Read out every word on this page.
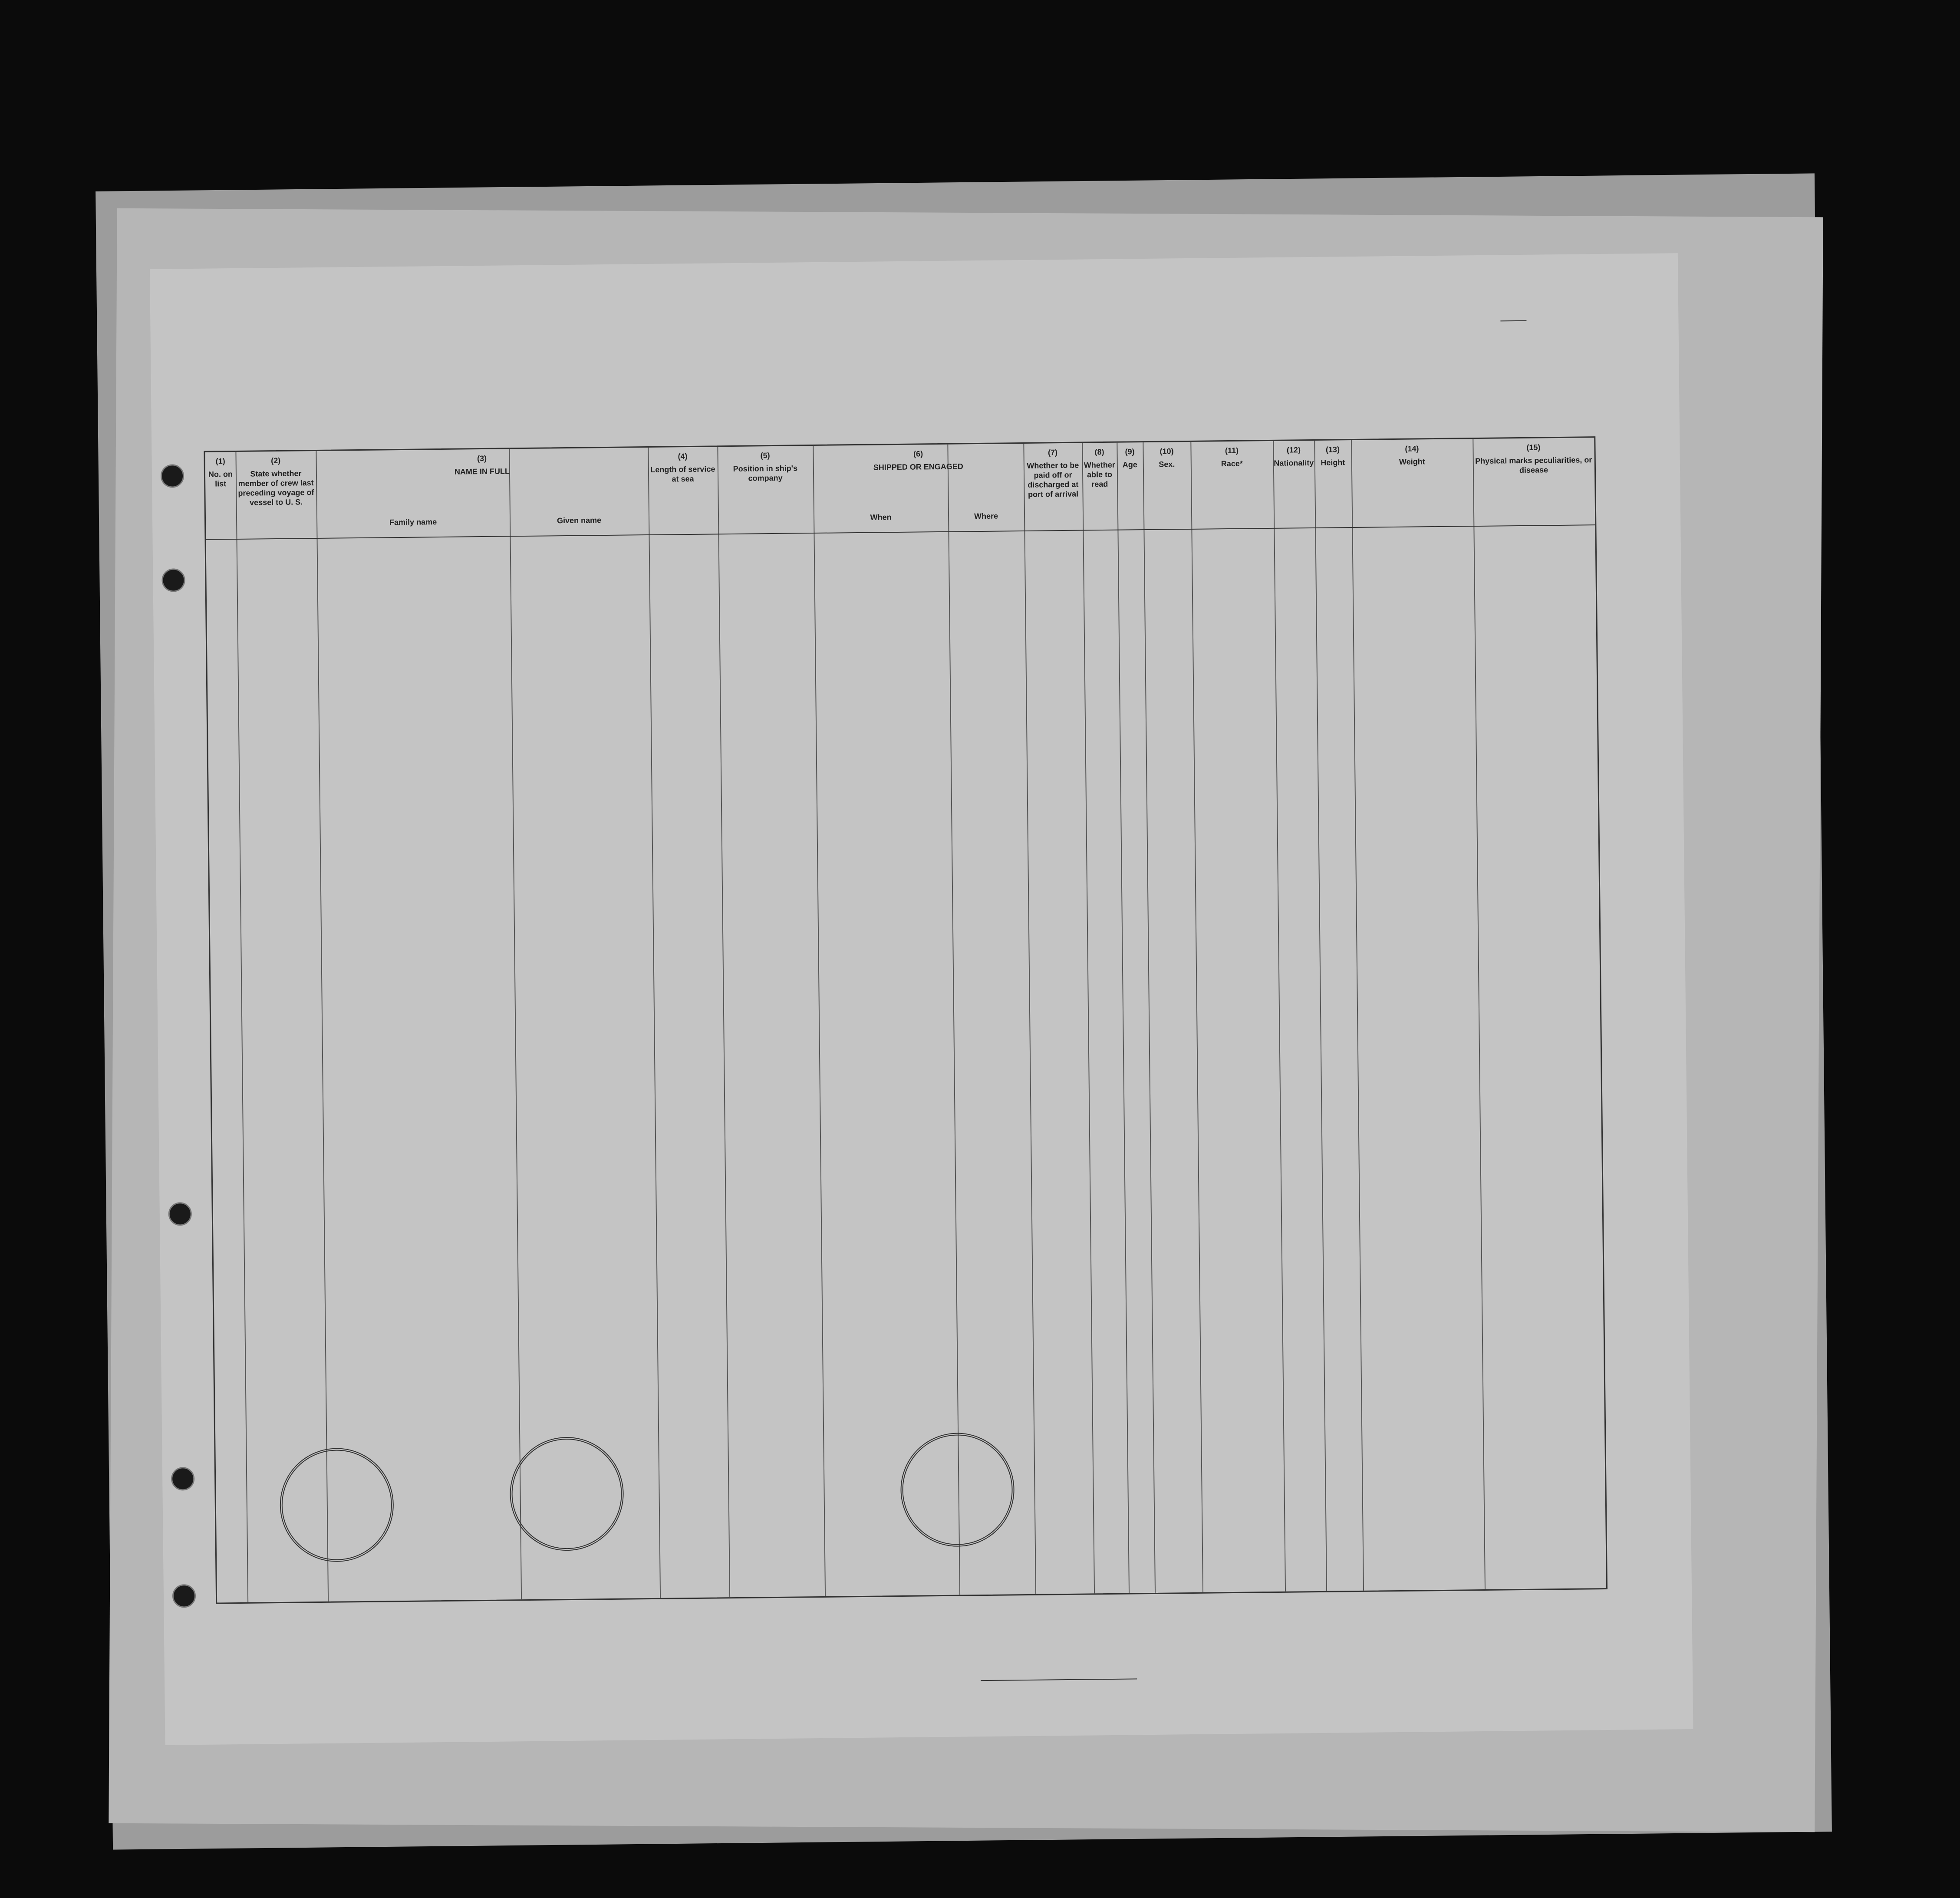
(1)
No. on list
(2)
State whether member of crew last preceding voyage of vessel to U. S.
(3)
NAME IN FULL
Family name	Given name
(4)
Length of service at sea
(5)
Position in ship's company
(6)
SHIPPED OR ENGAGED
When	Where
(7)
Whether to be paid off or discharged at port of arrival
(8)
Whether able to read
(9)
Age
(10)
Sex.
(11)
Race*
(12)
Nationality
(13)
Height
(14)
Weight
(15)
Physical marks peculiarities, or disease
